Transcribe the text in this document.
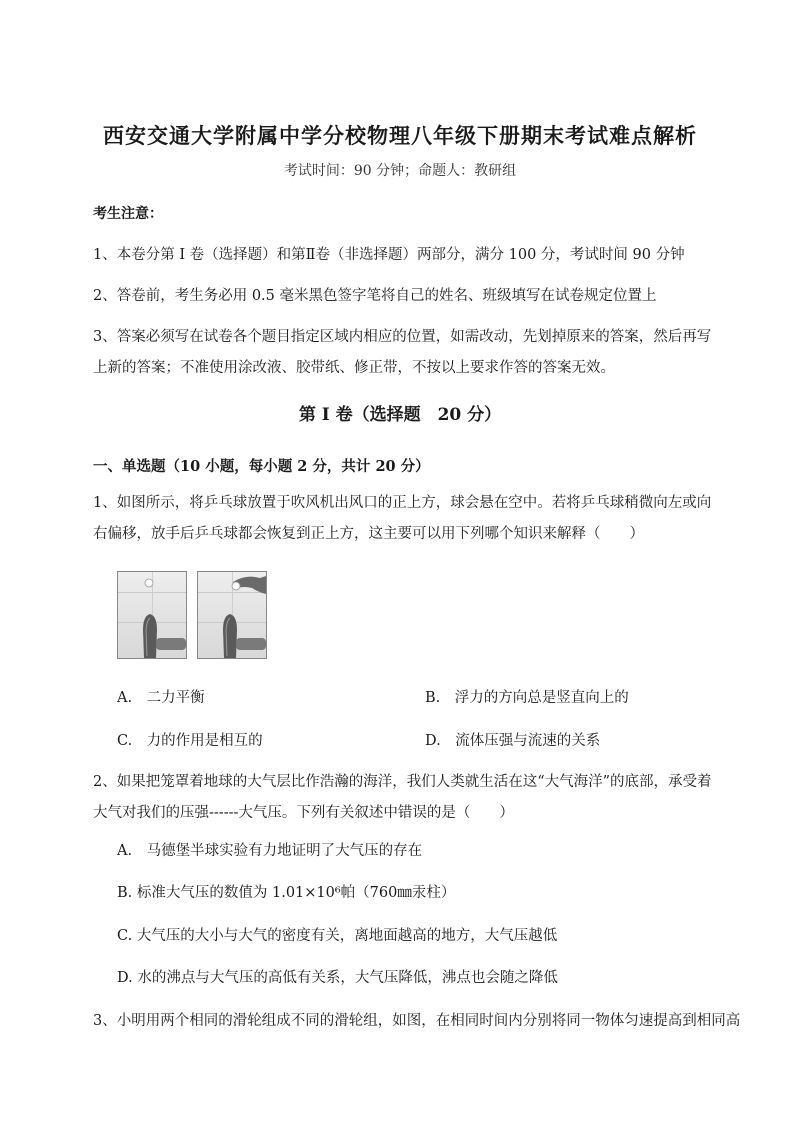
西安交通大学附属中学分校物理八年级下册期末考试难点解析
考试时间：90 分钟；命题人：教研组
考生注意：
1、本卷分第 I 卷（选择题）和第Ⅱ卷（非选择题）两部分，满分 100 分，考试时间 90 分钟
2、答卷前，考生务必用 0.5 毫米黑色签字笔将自己的姓名、班级填写在试卷规定位置上
3、答案必须写在试卷各个题目指定区域内相应的位置，如需改动，先划掉原来的答案，然后再写上新的答案；不准使用涂改液、胶带纸、修正带，不按以上要求作答的答案无效。
第 I 卷（选择题　20 分）
一、单选题（10 小题，每小题 2 分，共计 20 分）
1、如图所示，将乒乓球放置于吹风机出风口的正上方，球会悬在空中。若将乒乓球稍微向左或向右偏移，放手后乒乓球都会恢复到正上方，这主要可以用下列哪个知识来解释（　　）
A.　二力平衡	B.　浮力的方向总是竖直向上的
C.　力的作用是相互的	D.　流体压强与流速的关系
2、如果把笼罩着地球的大气层比作浩瀚的海洋，我们人类就生活在这“大气海洋”的底部，承受着大气对我们的压强------大气压。下列有关叙述中错误的是（　　）
A.　马德堡半球实验有力地证明了大气压的存在
B. 标准大气压的数值为 1.01×10⁶帕（760㎜汞柱）
C. 大气压的大小与大气的密度有关，离地面越高的地方，大气压越低
D. 水的沸点与大气压的高低有关系，大气压降低，沸点也会随之降低
3、小明用两个相同的滑轮组成不同的滑轮组，如图，在相同时间内分别将同一物体匀速提高到相同高
